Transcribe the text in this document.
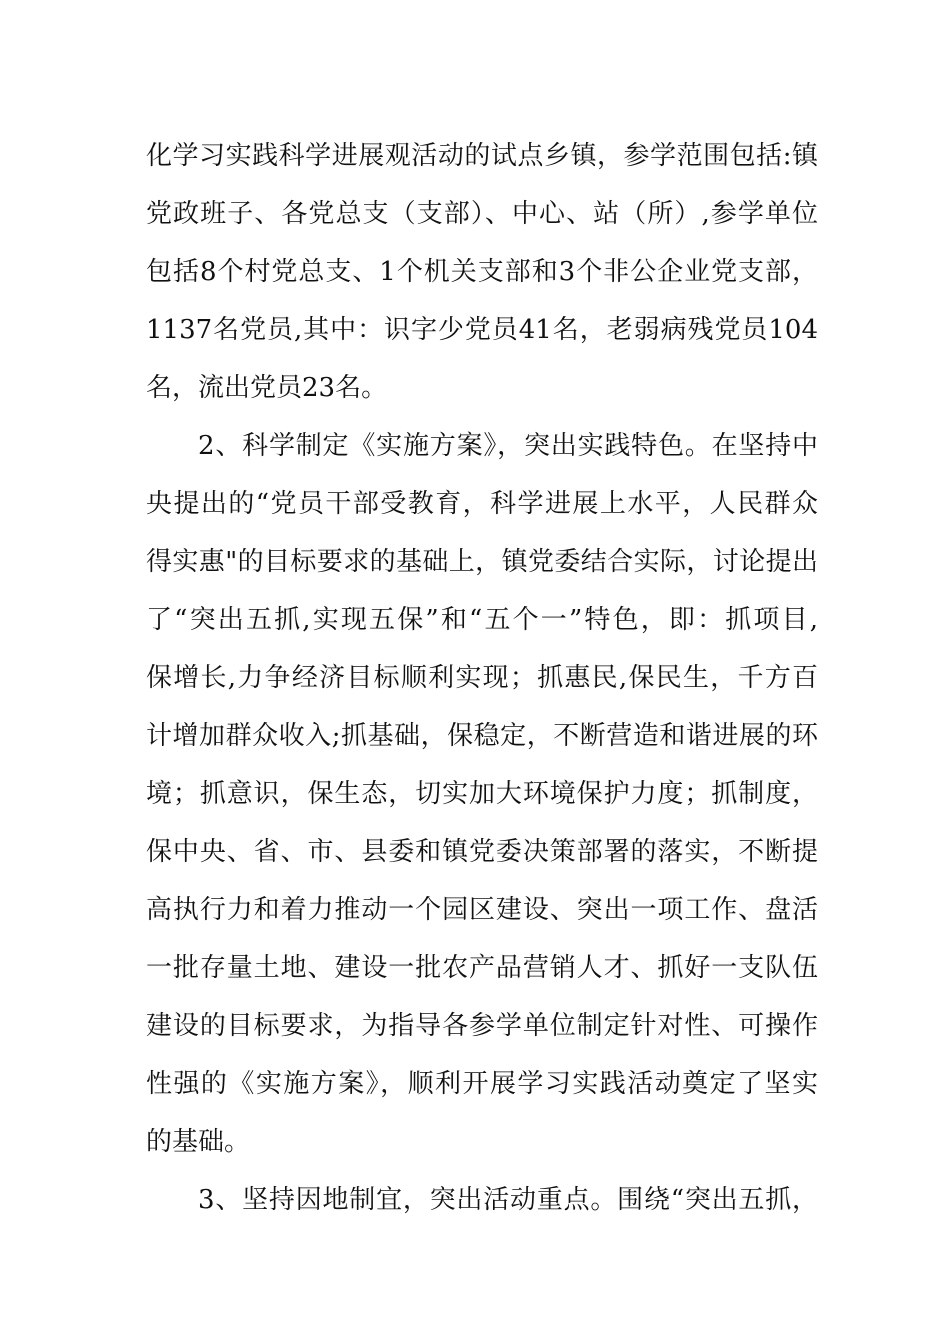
化学习实践科学进展观活动的试点乡镇，参学范围包括:镇
党政班子、各党总支（支部）、中心、站（所）,参学单位
包括8个村党总支、1个机关支部和3个非公企业党支部，
1137名党员,其中：识字少党员41名，老弱病残党员104
名，流出党员23名。
2、科学制定《实施方案》，突出实践特色。在坚持中
央提出的“党员干部受教育，科学进展上水平，人民群众
得实惠"的目标要求的基础上，镇党委结合实际，讨论提出
了“突出五抓,实现五保”和“五个一”特色，即：抓项目,
保增长,力争经济目标顺利实现；抓惠民,保民生，千方百
计增加群众收入;抓基础，保稳定，不断营造和谐进展的环
境；抓意识，保生态，切实加大环境保护力度；抓制度，
保中央、省、市、县委和镇党委决策部署的落实，不断提
高执行力和着力推动一个园区建设、突出一项工作、盘活
一批存量土地、建设一批农产品营销人才、抓好一支队伍
建设的目标要求，为指导各参学单位制定针对性、可操作
性强的《实施方案》，顺利开展学习实践活动奠定了坚实
的基础。
3、坚持因地制宜，突出活动重点。围绕“突出五抓，
